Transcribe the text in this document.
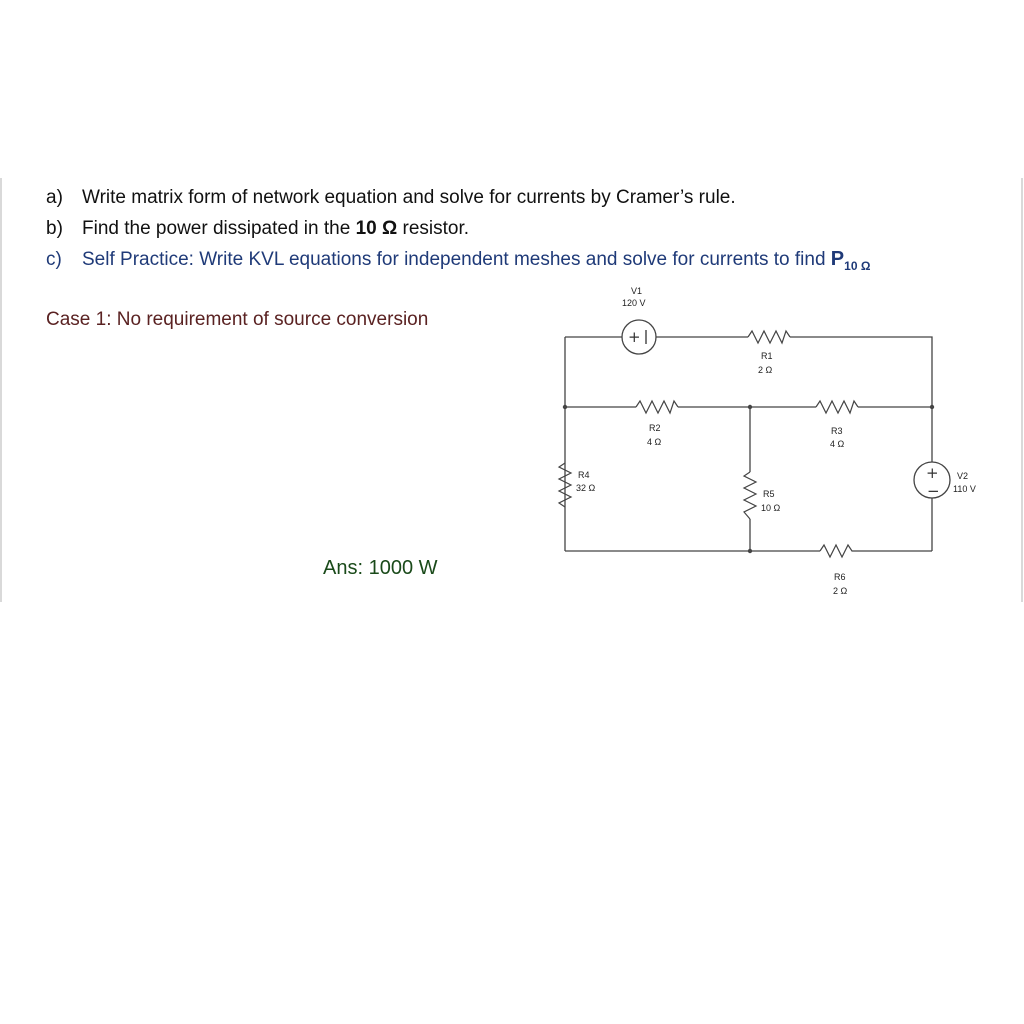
a) Write matrix form of network equation and solve for currents by Cramer’s rule.
b) Find the power dissipated in the 10 Ω resistor.
c) Self Practice: Write KVL equations for independent meshes and solve for currents to find $P_{10 \Omega}$
Case 1: No requirement of source conversion
Ans: 1000 W
+
+
−
V1
120 V
V2
110 V
R1
2 Ω
R2
4 Ω
R3
4 Ω
R4
32 Ω
R5
10 Ω
R6
2 Ω
